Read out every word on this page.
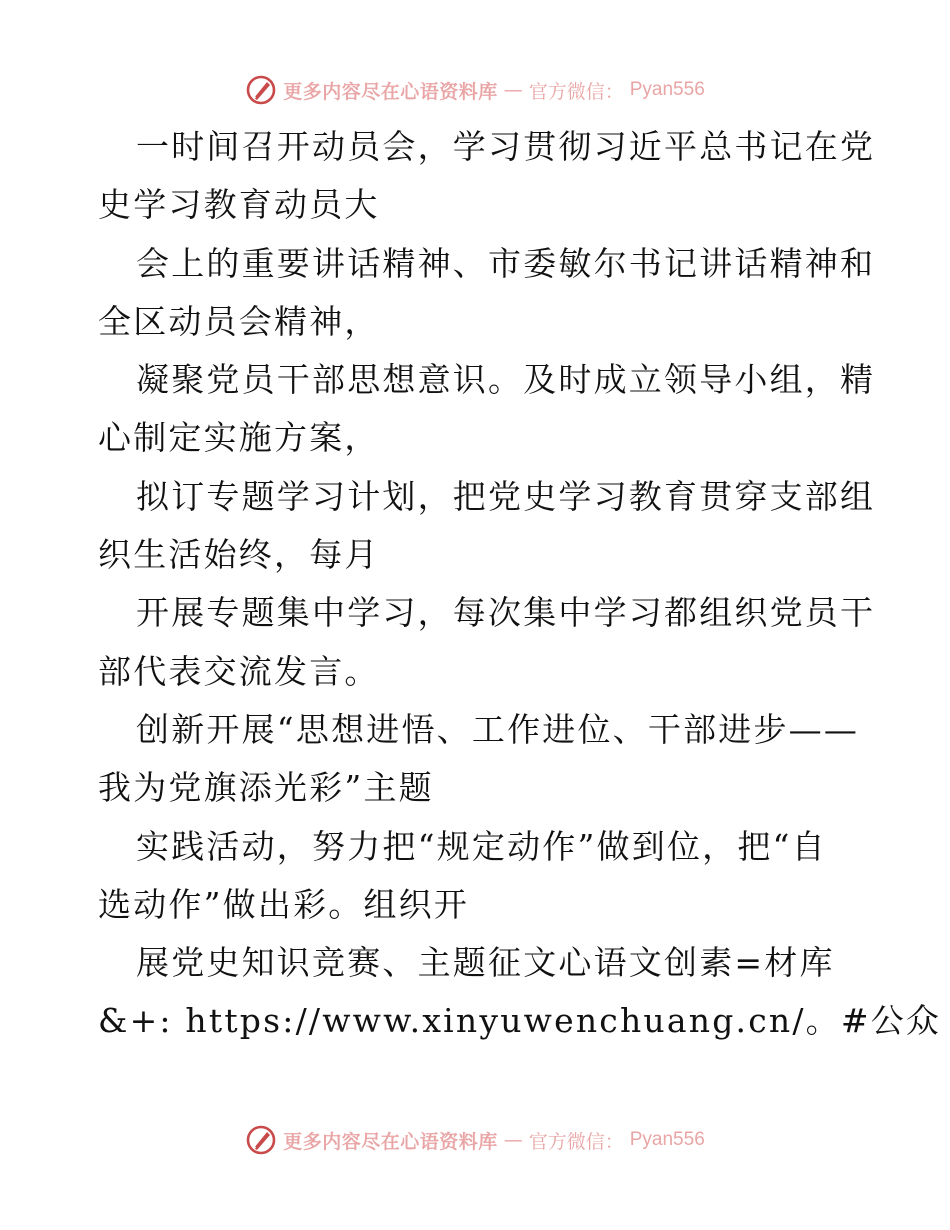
更多内容尽在心语资料库 — 官方微信： Pyan556
一时间召开动员会，学习贯彻习近平总书记在党
史学习教育动员大
会上的重要讲话精神、市委敏尔书记讲话精神和
全区动员会精神，
凝聚党员干部思想意识。及时成立领导小组，精
心制定实施方案，
拟订专题学习计划，把党史学习教育贯穿支部组
织生活始终，每月
开展专题集中学习，每次集中学习都组织党员干
部代表交流发言。
创新开展“思想进悟、工作进位、干部进步——
我为党旗添光彩”主题
实践活动，努力把“规定动作”做到位，把“自
选动作”做出彩。组织开
展党史知识竞赛、主题征文心语文创素=材库
&+: https://www.xinyuwenchuang.cn/。#公众
更多内容尽在心语资料库 — 官方微信： Pyan556
